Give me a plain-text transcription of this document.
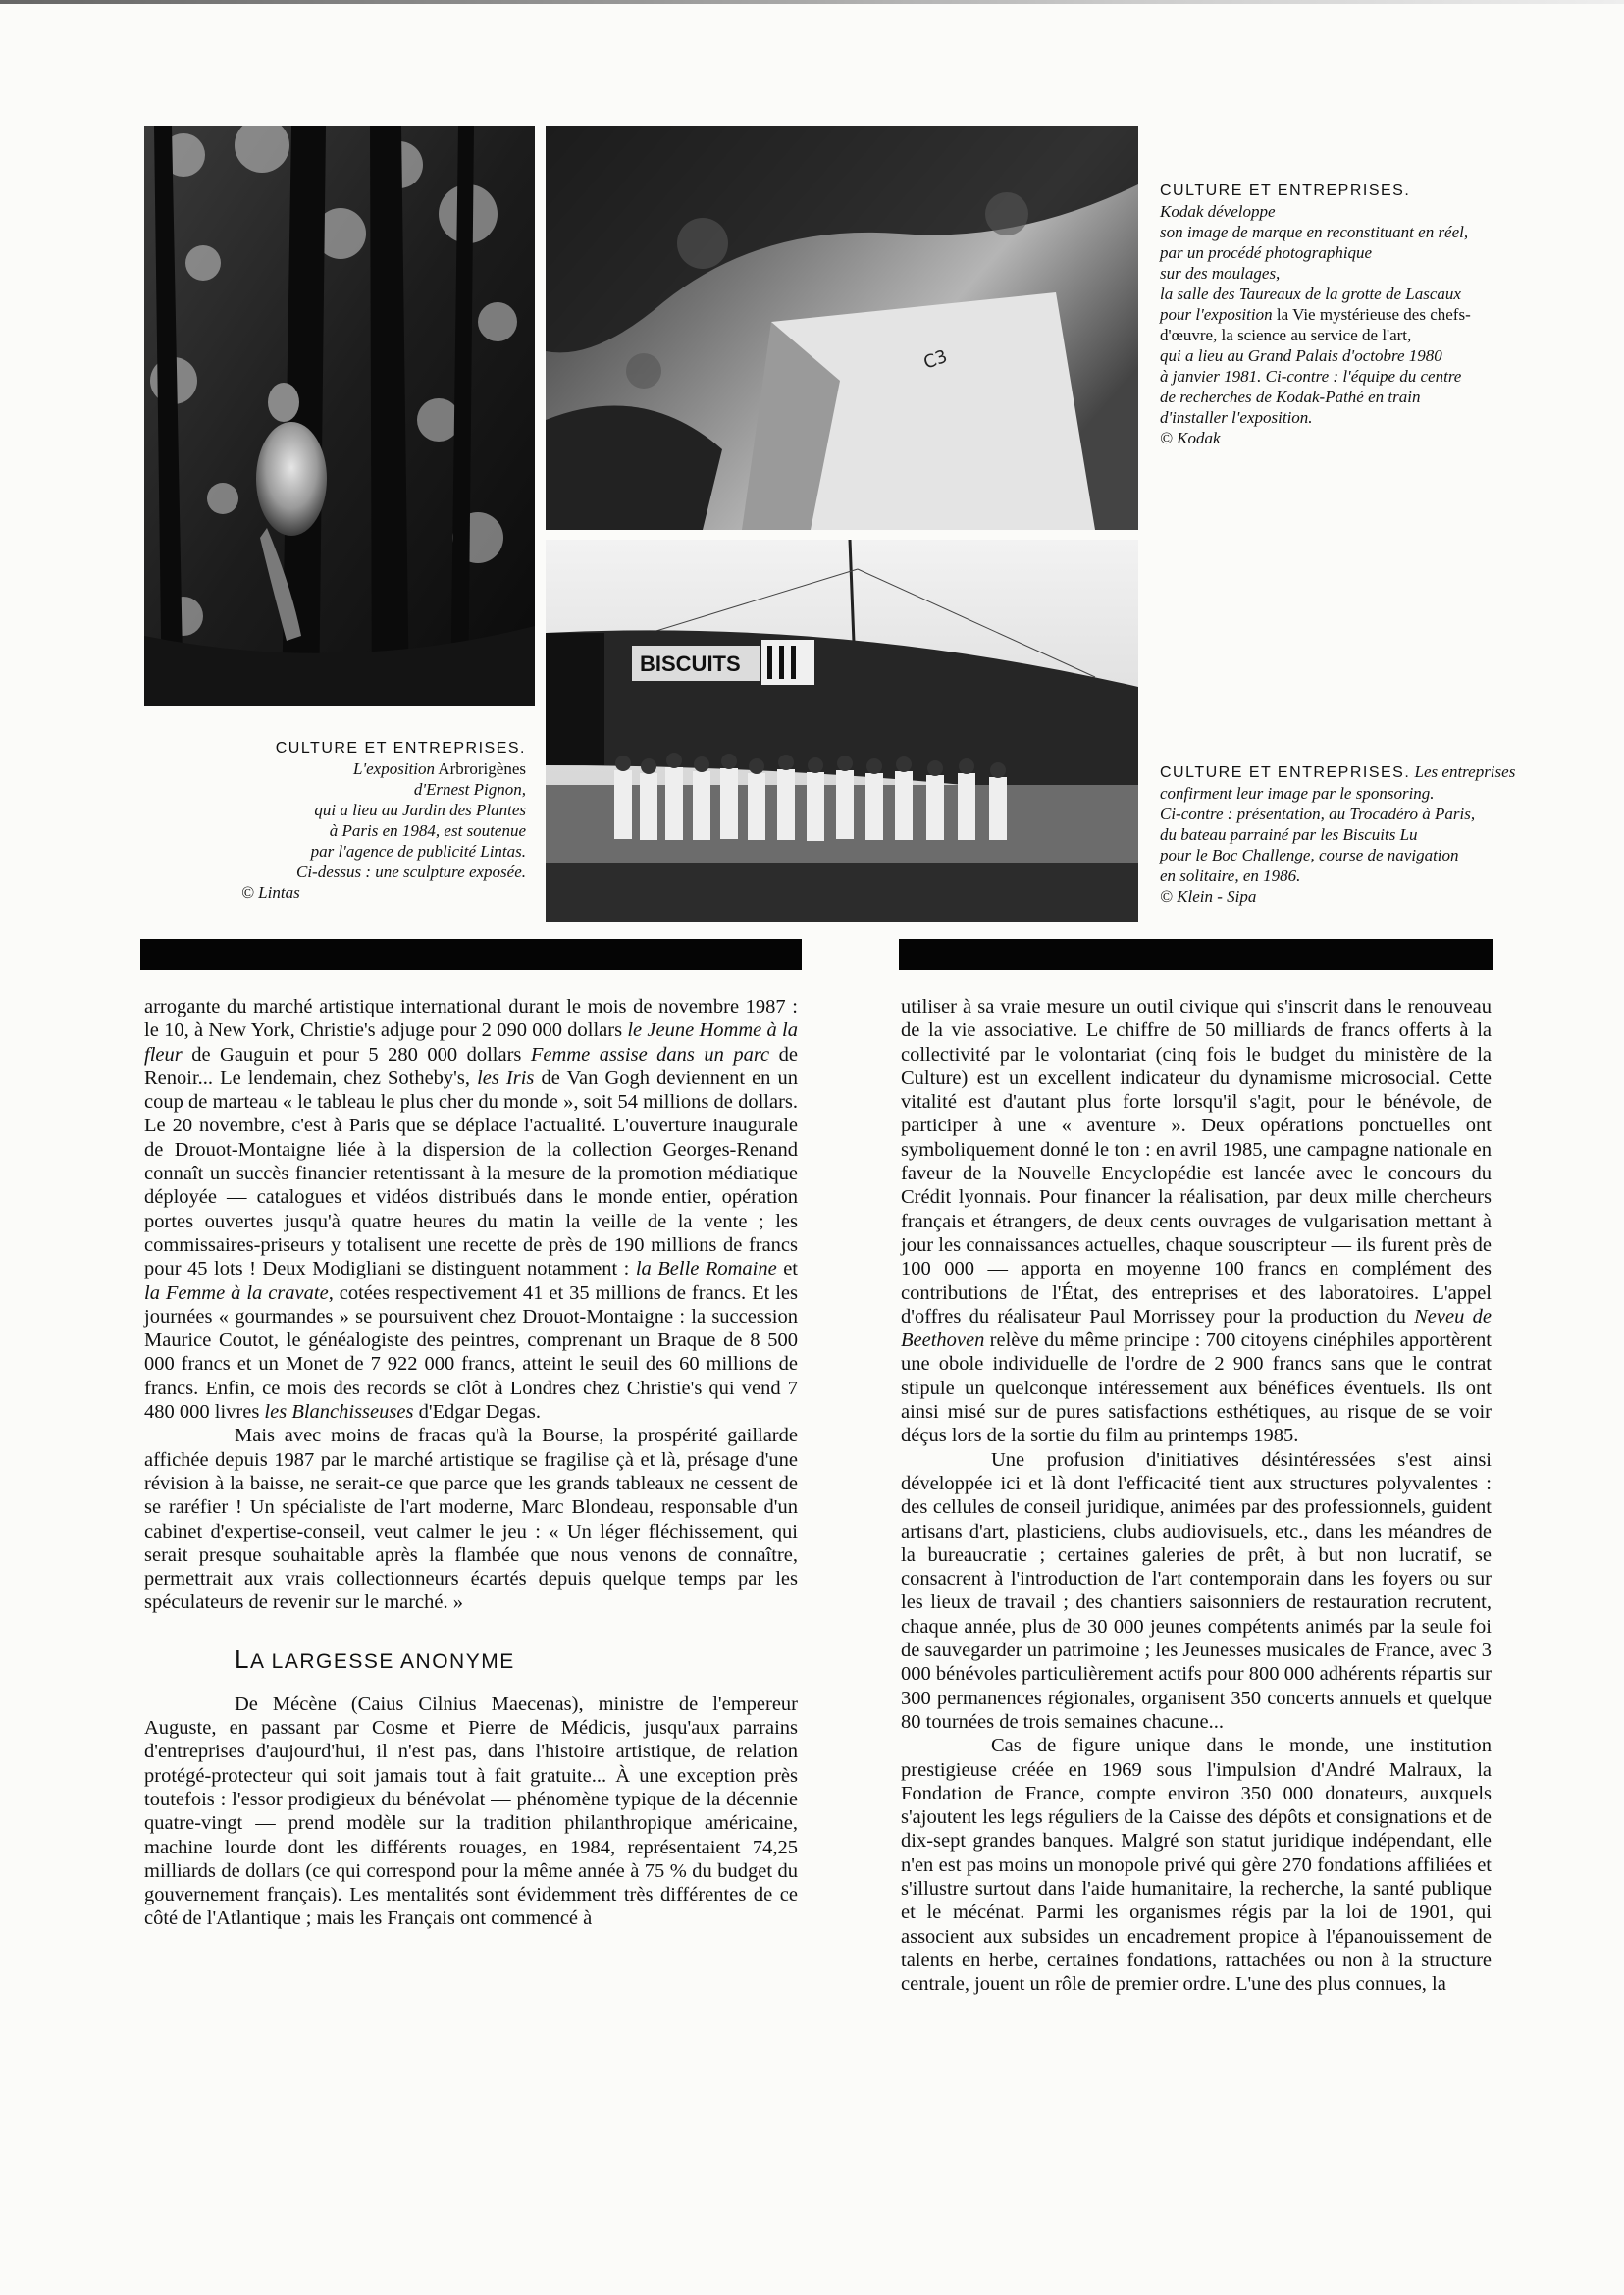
C3
BISCUITS
CULTURE ET ENTREPRISES.
Kodak développe
son image de marque en reconstituant en réel,
par un procédé photographique
sur des moulages,
la salle des Taureaux de la grotte de Lascaux
pour l'exposition la Vie mystérieuse des chefs-
d'œuvre, la science au service de l'art,
qui a lieu au Grand Palais d'octobre 1980
à janvier 1981. Ci-contre : l'équipe du centre
de recherches de Kodak-Pathé en train
d'installer l'exposition.
© Kodak
CULTURE ET ENTREPRISES.
L'exposition Arbrorigènes
d'Ernest Pignon,
qui a lieu au Jardin des Plantes
à Paris en 1984, est soutenue
par l'agence de publicité Lintas.
Ci-dessus : une sculpture exposée.

© Lintas
CULTURE ET ENTREPRISES. Les entreprises
confirment leur image par le sponsoring.
Ci-contre : présentation, au Trocadéro à Paris,
du bateau parrainé par les Biscuits Lu
pour le Boc Challenge, course de navigation
en solitaire, en 1986.
© Klein - Sipa

arrogante du marché artistique international durant le mois de novembre 1987 : le 10, à New York, Christie's adjuge pour 2 090 000 dollars le Jeune Homme à la fleur de Gauguin et pour 5 280 000 dollars Femme assise dans un parc de Renoir... Le lendemain, chez Sotheby's, les Iris de Van Gogh deviennent en un coup de marteau « le tableau le plus cher du monde », soit 54 millions de dollars. Le 20 novembre, c'est à Paris que se déplace l'actualité. L'ouverture inaugurale de Drouot-Montaigne liée à la dispersion de la collection Georges-Renand connaît un succès financier retentissant à la mesure de la promotion médiatique déployée — catalogues et vidéos distribués dans le monde entier, opération portes ouvertes jusqu'à quatre heures du matin la veille de la vente ; les commissaires-priseurs y totalisent une recette de près de 190 millions de francs pour 45 lots ! Deux Modigliani se distinguent notamment : la Belle Romaine et la Femme à la cravate, cotées respectivement 41 et 35 millions de francs. Et les journées « gourmandes » se poursuivent chez Drouot-Montaigne : la succession Maurice Coutot, le généalogiste des peintres, comprenant un Braque de 8 500 000 francs et un Monet de 7 922 000 francs, atteint le seuil des 60 millions de francs. Enfin, ce mois des records se clôt à Londres chez Christie's qui vend 7 480 000 livres les Blanchisseuses d'Edgar Degas.

Mais avec moins de fracas qu'à la Bourse, la prospérité gaillarde affichée depuis 1987 par le marché artistique se fragilise çà et là, présage d'une révision à la baisse, ne serait-ce que parce que les grands tableaux ne cessent de se raréfier ! Un spécialiste de l'art moderne, Marc Blondeau, responsable d'un cabinet d'expertise-conseil, veut calmer le jeu : « Un léger fléchissement, qui serait presque souhaitable après la flambée que nous venons de connaître, permettrait aux vrais collectionneurs écartés depuis quelque temps par les spéculateurs de revenir sur le marché. »

LA LARGESSE ANONYME

De Mécène (Caius Cilnius Maecenas), ministre de l'empereur Auguste, en passant par Cosme et Pierre de Médicis, jusqu'aux parrains d'entreprises d'aujourd'hui, il n'est pas, dans l'histoire artistique, de relation protégé-protecteur qui soit jamais tout à fait gratuite... À une exception près toutefois : l'essor prodigieux du bénévolat — phénomène typique de la décennie quatre-vingt — prend modèle sur la tradition philanthropique américaine, machine lourde dont les différents rouages, en 1984, représentaient 74,25 milliards de dollars (ce qui correspond pour la même année à 75 % du budget du gouvernement français). Les mentalités sont évidemment très différentes de ce côté de l'Atlantique ; mais les Français ont commencé à

utiliser à sa vraie mesure un outil civique qui s'inscrit dans le renouveau de la vie associative. Le chiffre de 50 milliards de francs offerts à la collectivité par le volontariat (cinq fois le budget du ministère de la Culture) est un excellent indicateur du dynamisme microsocial. Cette vitalité est d'autant plus forte lorsqu'il s'agit, pour le bénévole, de participer à une « aventure ». Deux opérations ponctuelles ont symboliquement donné le ton : en avril 1985, une campagne nationale en faveur de la Nouvelle Encyclopédie est lancée avec le concours du Crédit lyonnais. Pour financer la réalisation, par deux mille chercheurs français et étrangers, de deux cents ouvrages de vulgarisation mettant à jour les connaissances actuelles, chaque souscripteur — ils furent près de 100 000 — apporta en moyenne 100 francs en complément des contributions de l'État, des entreprises et des laboratoires. L'appel d'offres du réalisateur Paul Morrissey pour la production du Neveu de Beethoven relève du même principe : 700 citoyens cinéphiles apportèrent une obole individuelle de l'ordre de 2 900 francs sans que le contrat stipule un quelconque intéressement aux bénéfices éventuels. Ils ont ainsi misé sur de pures satisfactions esthétiques, au risque de se voir déçus lors de la sortie du film au printemps 1985.

Une profusion d'initiatives désintéressées s'est ainsi développée ici et là dont l'efficacité tient aux structures polyvalentes : des cellules de conseil juridique, animées par des professionnels, guident artisans d'art, plasticiens, clubs audiovisuels, etc., dans les méandres de la bureaucratie ; certaines galeries de prêt, à but non lucratif, se consacrent à l'introduction de l'art contemporain dans les foyers ou sur les lieux de travail ; des chantiers saisonniers de restauration recrutent, chaque année, plus de 30 000 jeunes compétents animés par la seule foi de sauvegarder un patrimoine ; les Jeunesses musicales de France, avec 3 000 bénévoles particulièrement actifs pour 800 000 adhérents répartis sur 300 permanences régionales, organisent 350 concerts annuels et quelque 80 tournées de trois semaines chacune...

Cas de figure unique dans le monde, une institution prestigieuse créée en 1969 sous l'impulsion d'André Malraux, la Fondation de France, compte environ 350 000 donateurs, auxquels s'ajoutent les legs réguliers de la Caisse des dépôts et consignations et de dix-sept grandes banques. Malgré son statut juridique indépendant, elle n'en est pas moins un monopole privé qui gère 270 fondations affiliées et s'illustre surtout dans l'aide humanitaire, la recherche, la santé publique et le mécénat. Parmi les organismes régis par la loi de 1901, qui associent aux subsides un encadrement propice à l'épanouissement de talents en herbe, certaines fondations, rattachées ou non à la structure centrale, jouent un rôle de premier ordre. L'une des plus connues, la
